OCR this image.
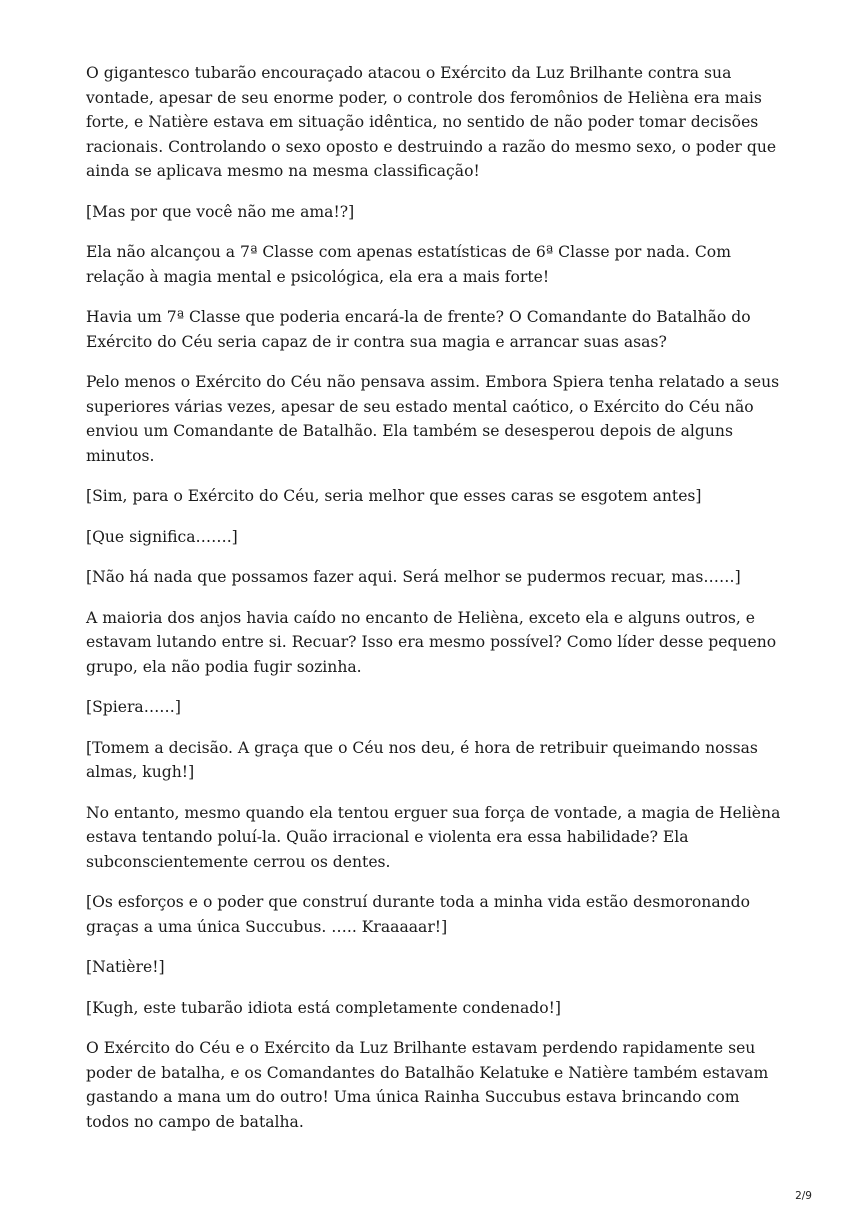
O gigantesco tubarão encouraçado atacou o Exército da Luz Brilhante contra sua vontade, apesar de seu enorme poder, o controle dos feromônios de Helièna era mais forte, e Natière estava em situação idêntica, no sentido de não poder tomar decisões racionais. Controlando o sexo oposto e destruindo a razão do mesmo sexo, o poder que ainda se aplicava mesmo na mesma classificação!

[Mas por que você não me ama!?]

Ela não alcançou a 7ª Classe com apenas estatísticas de 6ª Classe por nada. Com relação à magia mental e psicológica, ela era a mais forte!

Havia um 7ª Classe que poderia encará-la de frente? O Comandante do Batalhão do Exército do Céu seria capaz de ir contra sua magia e arrancar suas asas?

Pelo menos o Exército do Céu não pensava assim. Embora Spiera tenha relatado a seus superiores várias vezes, apesar de seu estado mental caótico, o Exército do Céu não enviou um Comandante de Batalhão. Ela também se desesperou depois de alguns minutos.

[Sim, para o Exército do Céu, seria melhor que esses caras se esgotem antes]

[Que significa…….]

[Não há nada que possamos fazer aqui. Será melhor se pudermos recuar, mas……]

A maioria dos anjos havia caído no encanto de Helièna, exceto ela e alguns outros, e estavam lutando entre si. Recuar? Isso era mesmo possível? Como líder desse pequeno grupo, ela não podia fugir sozinha.

[Spiera……]

[Tomem a decisão. A graça que o Céu nos deu, é hora de retribuir queimando nossas almas, kugh!]

No entanto, mesmo quando ela tentou erguer sua força de vontade, a magia de Helièna estava tentando poluí-la. Quão irracional e violenta era essa habilidade? Ela subconscientemente cerrou os dentes.

[Os esforços e o poder que construí durante toda a minha vida estão desmoronando graças a uma única Succubus. ….. Kraaaaar!]

[Natière!]

[Kugh, este tubarão idiota está completamente condenado!]

O Exército do Céu e o Exército da Luz Brilhante estavam perdendo rapidamente seu poder de batalha, e os Comandantes do Batalhão Kelatuke e Natière também estavam gastando a mana um do outro! Uma única Rainha Succubus estava brincando com todos no campo de batalha.

2/9
